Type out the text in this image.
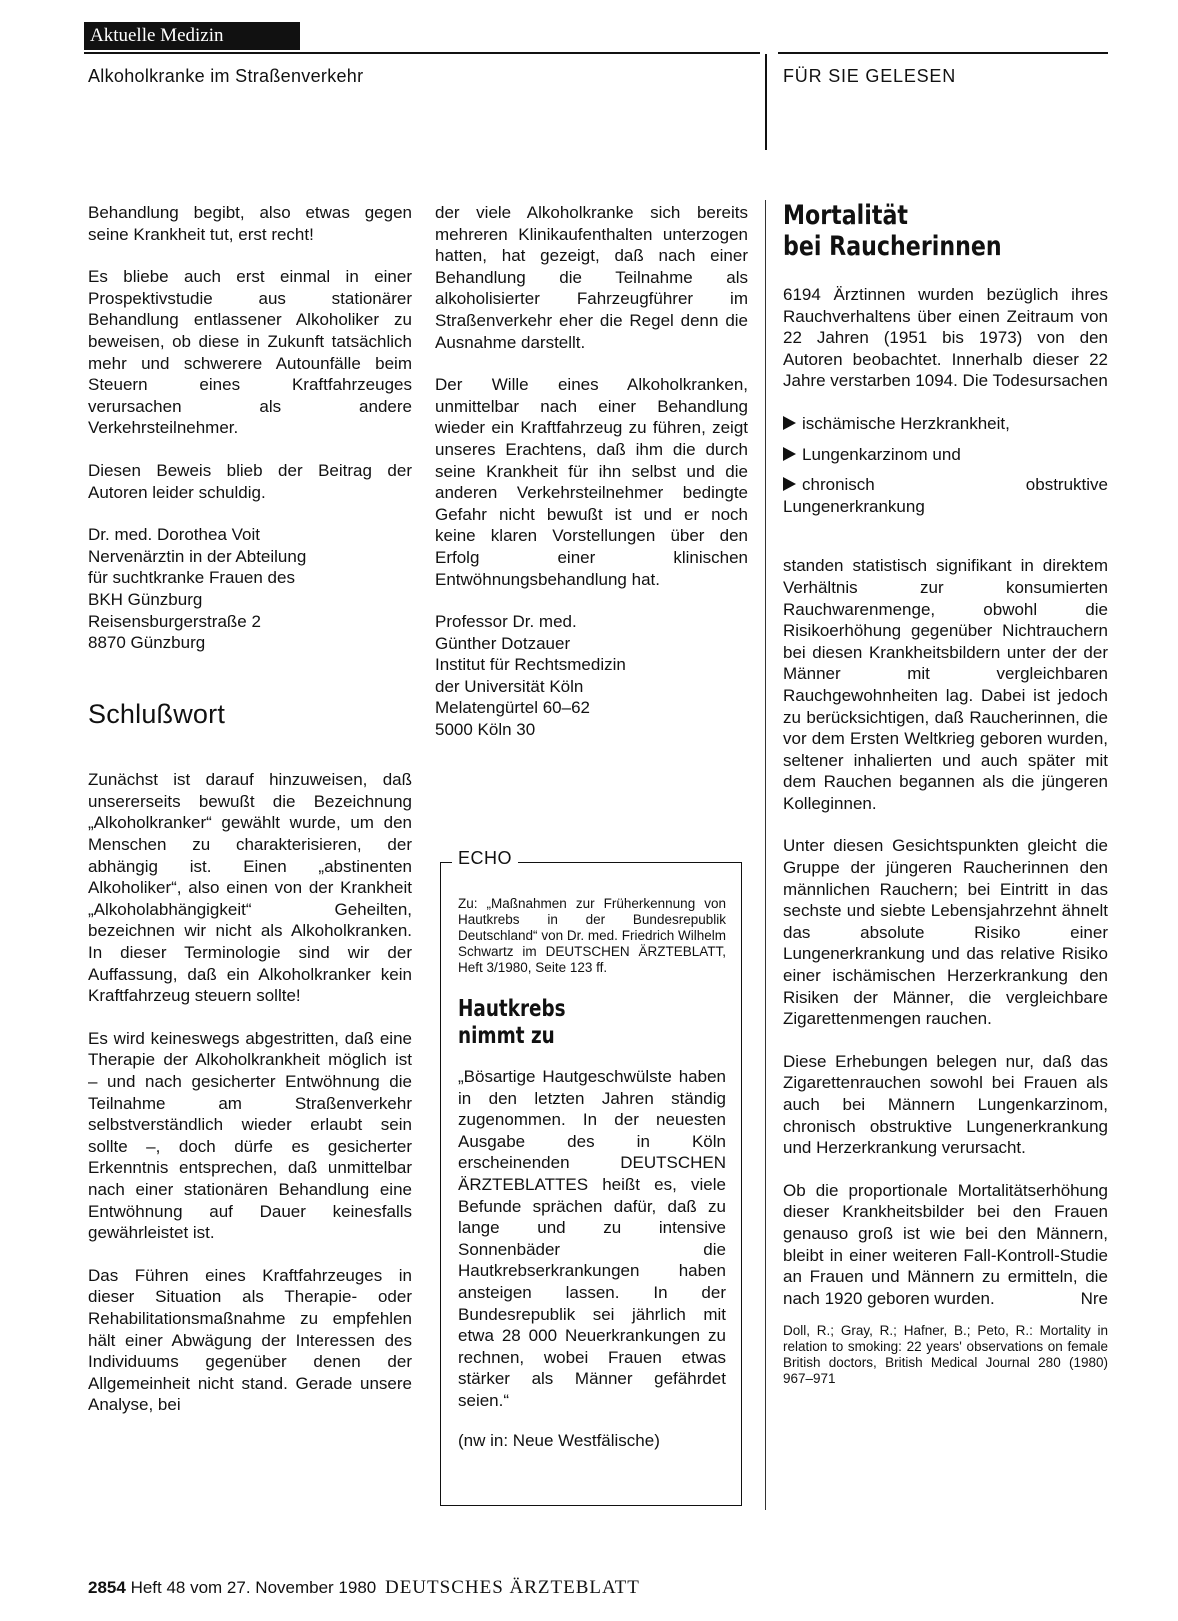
Aktuelle Medizin
Alkoholkranke im Straßenverkehr	FÜR SIE GELESEN

Behandlung begibt, also etwas gegen seine Krankheit tut, erst recht!

Es bliebe auch erst einmal in einer Prospektivstudie aus stationärer Behandlung entlassener Alkoholiker zu beweisen, ob diese in Zukunft tatsächlich mehr und schwerere Autounfälle beim Steuern eines Kraftfahrzeuges verursachen als andere Verkehrsteilnehmer.

Diesen Beweis blieb der Beitrag der Autoren leider schuldig.

Dr. med. Dorothea Voit
Nervenärztin in der Abteilung
für suchtkranke Frauen des
BKH Günzburg
Reisensburgerstraße 2
8870 Günzburg

Schlußwort

Zunächst ist darauf hinzuweisen, daß unsererseits bewußt die Bezeichnung „Alkoholkranker“ gewählt wurde, um den Menschen zu charakterisieren, der abhängig ist. Einen „abstinenten Alkoholiker“, also einen von der Krankheit „Alkoholabhängigkeit“ Geheilten, bezeichnen wir nicht als Alkoholkranken. In dieser Terminologie sind wir der Auffassung, daß ein Alkoholkranker kein Kraftfahrzeug steuern sollte!

Es wird keineswegs abgestritten, daß eine Therapie der Alkoholkrankheit möglich ist – und nach gesicherter Entwöhnung die Teilnahme am Straßenverkehr selbstverständlich wieder erlaubt sein sollte –, doch dürfe es gesicherter Erkenntnis entsprechen, daß unmittelbar nach einer stationären Behandlung eine Entwöhnung auf Dauer keinesfalls gewährleistet ist.

Das Führen eines Kraftfahrzeuges in dieser Situation als Therapie- oder Rehabilitationsmaßnahme zu empfehlen hält einer Abwägung der Interessen des Individuums gegenüber denen der Allgemeinheit nicht stand. Gerade unsere Analyse, bei

der viele Alkoholkranke sich bereits mehreren Klinikaufenthalten unterzogen hatten, hat gezeigt, daß nach einer Behandlung die Teilnahme als alkoholisierter Fahrzeugführer im Straßenverkehr eher die Regel denn die Ausnahme darstellt.

Der Wille eines Alkoholkranken, unmittelbar nach einer Behandlung wieder ein Kraftfahrzeug zu führen, zeigt unseres Erachtens, daß ihm die durch seine Krankheit für ihn selbst und die anderen Verkehrsteilnehmer bedingte Gefahr nicht bewußt ist und er noch keine klaren Vorstellungen über den Erfolg einer klinischen Entwöhnungsbehandlung hat.

Professor Dr. med.
Günther Dotzauer
Institut für Rechtsmedizin
der Universität Köln
Melatengürtel 60–62
5000 Köln 30

ECHO

Zu: „Maßnahmen zur Früherkennung von Hautkrebs in der Bundesrepublik Deutschland“ von Dr. med. Friedrich Wilhelm Schwartz im DEUTSCHEN ÄRZTEBLATT, Heft 3/1980, Seite 123 ff.

Hautkrebs
nimmt zu

„Bösartige Hautgeschwülste haben in den letzten Jahren ständig zugenommen. In der neuesten Ausgabe des in Köln erscheinenden DEUTSCHEN ÄRZTEBLATTES heißt es, viele Befunde sprächen dafür, daß zu lange und zu intensive Sonnenbäder die Hautkrebserkrankungen haben ansteigen lassen. In der Bundesrepublik sei jährlich mit etwa 28 000 Neuerkrankungen zu rechnen, wobei Frauen etwas stärker als Männer gefährdet seien.“

(nw in: Neue Westfälische)

Mortalität
bei Raucherinnen

6194 Ärztinnen wurden bezüglich ihres Rauchverhaltens über einen Zeitraum von 22 Jahren (1951 bis 1973) von den Autoren beobachtet. Innerhalb dieser 22 Jahre verstarben 1094. Die Todesursachen

ischämische Herzkrankheit,
Lungenkarzinom und
chronisch obstruktive Lungenerkrankung

standen statistisch signifikant in direktem Verhältnis zur konsumierten Rauchwarenmenge, obwohl die Risikoerhöhung gegenüber Nichtrauchern bei diesen Krankheitsbildern unter der der Männer mit vergleichbaren Rauchgewohnheiten lag. Dabei ist jedoch zu berücksichtigen, daß Raucherinnen, die vor dem Ersten Weltkrieg geboren wurden, seltener inhalierten und auch später mit dem Rauchen begannen als die jüngeren Kolleginnen.

Unter diesen Gesichtspunkten gleicht die Gruppe der jüngeren Raucherinnen den männlichen Rauchern; bei Eintritt in das sechste und siebte Lebensjahrzehnt ähnelt das absolute Risiko einer Lungenerkrankung und das relative Risiko einer ischämischen Herzerkrankung den Risiken der Männer, die vergleichbare Zigarettenmengen rauchen.

Diese Erhebungen belegen nur, daß das Zigarettenrauchen sowohl bei Frauen als auch bei Männern Lungenkarzinom, chronisch obstruktive Lungenerkrankung und Herzerkrankung verursacht.

Ob die proportionale Mortalitätserhöhung dieser Krankheitsbilder bei den Frauen genauso groß ist wie bei den Männern, bleibt in einer weiteren Fall-Kontroll-Studie an Frauen und Männern zu ermitteln, die nach 1920 geboren wurden.	Nre

Doll, R.; Gray, R.; Hafner, B.; Peto, R.: Mortality in relation to smoking: 22 years' observations on female British doctors, British Medical Journal 280 (1980) 967–971

2854 Heft 48 vom 27. November 1980 DEUTSCHES ÄRZTEBLATT
